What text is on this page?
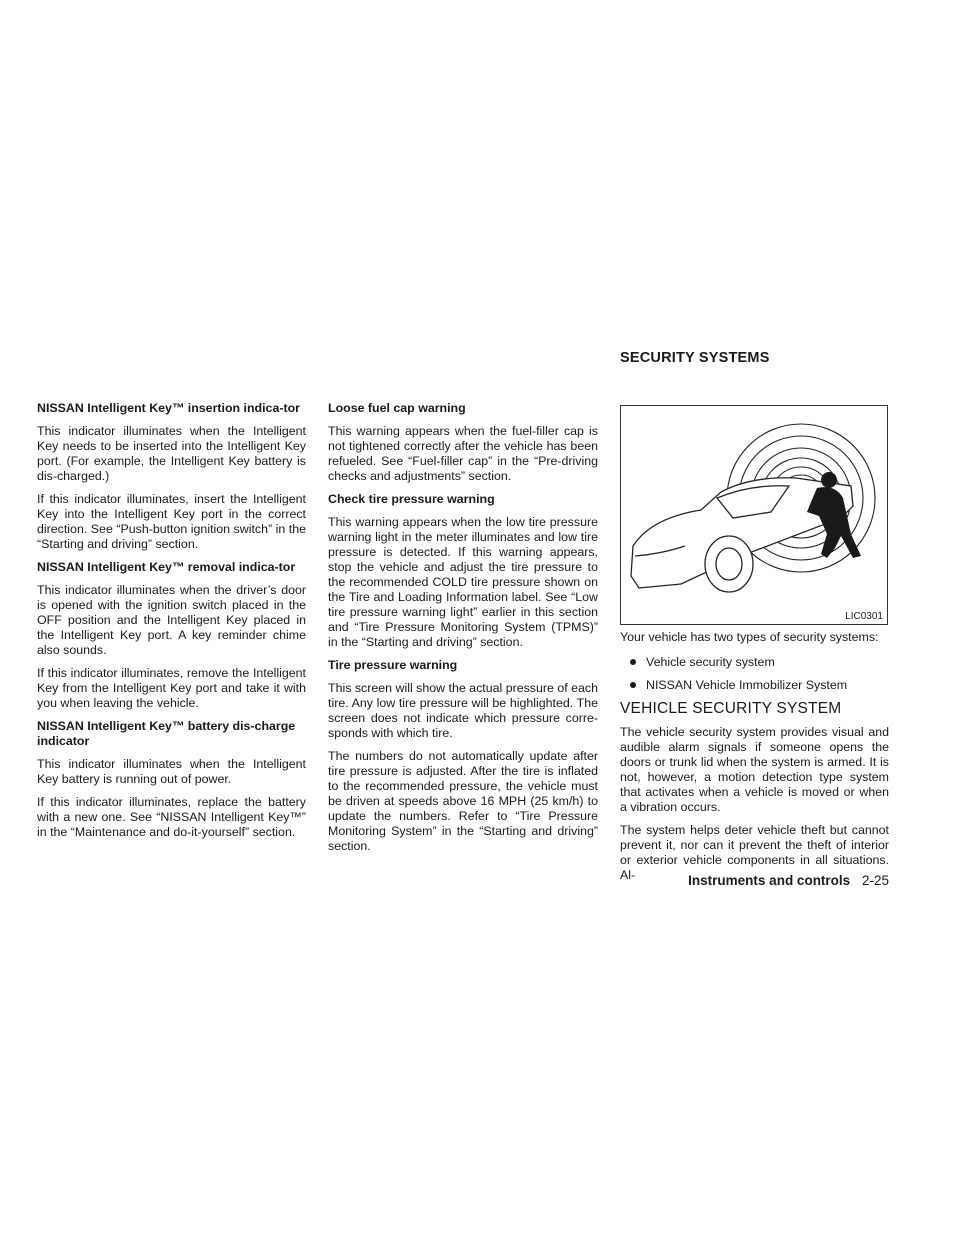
NISSAN Intelligent Key™ insertion indica-tor

This indicator illuminates when the Intelligent Key needs to be inserted into the Intelligent Key port. (For example, the Intelligent Key battery is dis-charged.)

If this indicator illuminates, insert the Intelligent Key into the Intelligent Key port in the correct direction. See “Push-button ignition switch” in the “Starting and driving” section.

NISSAN Intelligent Key™ removal indica-tor

This indicator illuminates when the driver’s door is opened with the ignition switch placed in the OFF position and the Intelligent Key placed in the Intelligent Key port. A key reminder chime also sounds.

If this indicator illuminates, remove the Intelligent Key from the Intelligent Key port and take it with you when leaving the vehicle.

NISSAN Intelligent Key™ battery dis-charge indicator

This indicator illuminates when the Intelligent Key battery is running out of power.

If this indicator illuminates, replace the battery with a new one. See “NISSAN Intelligent Key™” in the “Maintenance and do-it-yourself” section.

Loose fuel cap warning

This warning appears when the fuel-filler cap is not tightened correctly after the vehicle has been refueled. See “Fuel-filler cap” in the “Pre-driving checks and adjustments” section.

Check tire pressure warning

This warning appears when the low tire pressure warning light in the meter illuminates and low tire pressure is detected. If this warning appears, stop the vehicle and adjust the tire pressure to the recommended COLD tire pressure shown on the Tire and Loading Information label. See “Low tire pressure warning light” earlier in this section and “Tire Pressure Monitoring System (TPMS)” in the “Starting and driving” section.

Tire pressure warning

This screen will show the actual pressure of each tire. Any low tire pressure will be highlighted. The screen does not indicate which pressure corre-sponds with which tire.

The numbers do not automatically update after tire pressure is adjusted. After the tire is inflated to the recommended pressure, the vehicle must be driven at speeds above 16 MPH (25 km/h) to update the numbers. Refer to “Tire Pressure Monitoring System” in the “Starting and driving” section.

SECURITY SYSTEMS
LIC0301

Your vehicle has two types of security systems:

Vehicle security system
NISSAN Vehicle Immobilizer System
VEHICLE SECURITY SYSTEM

The vehicle security system provides visual and audible alarm signals if someone opens the doors or trunk lid when the system is armed. It is not, however, a motion detection type system that activates when a vehicle is moved or when a vibration occurs.

The system helps deter vehicle theft but cannot prevent it, nor can it prevent the theft of interior or exterior vehicle components in all situations. Al-	Instruments and controls 2-25
